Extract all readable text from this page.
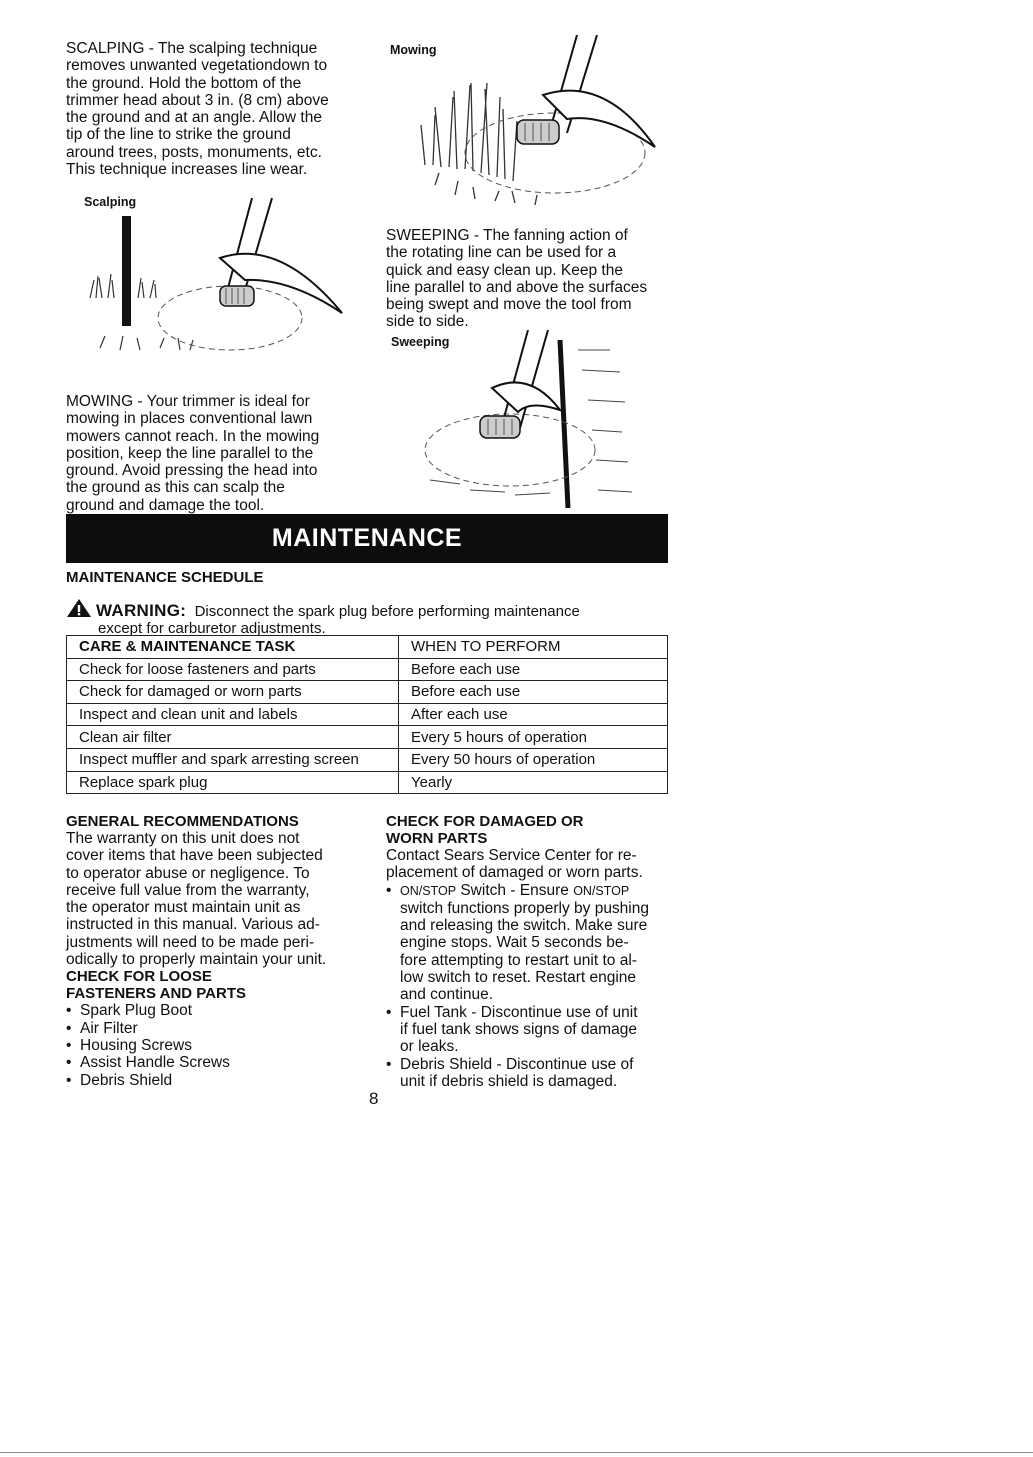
SCALPING - The scalping technique
removes unwanted vegetationdown to
the ground. Hold the bottom of the
trimmer head about 3 in. (8 cm) above
the ground and at an angle. Allow the
tip of the line to strike the ground
around trees, posts, monuments, etc.
This technique increases line wear.
Scalping
MOWING - Your trimmer is ideal for
mowing in places conventional lawn
mowers cannot reach. In the mowing
position, keep the line parallel to the
ground. Avoid pressing the head into
the ground as this can scalp the
ground and damage the tool.
Mowing
SWEEPING - The fanning action of
the rotating line can be used for a
quick and easy clean up. Keep the
line parallel to and above the surfaces
being swept and move the tool from
side to side.
Sweeping
MAINTENANCE
MAINTENANCE SCHEDULE
WARNING: Disconnect the spark plug before performing maintenance
except for carburetor adjustments.
CARE & MAINTENANCE TASK	WHEN TO PERFORM
Check for loose fasteners and parts	Before each use
Check for damaged or worn parts	Before each use
Inspect and clean unit and labels	After each use
Clean air filter	Every 5 hours of operation
Inspect muffler and spark arresting screen	Every 50 hours of operation
Replace spark plug	Yearly
GENERAL RECOMMENDATIONS
The warranty on this unit does not
cover items that have been subjected
to operator abuse or negligence. To
receive full value from the warranty,
the operator must maintain unit as
instructed in this manual. Various ad-
justments will need to be made peri-
odically to properly maintain your unit.
CHECK FOR LOOSE
FASTENERS AND PARTS
• Spark Plug Boot
• Air Filter
• Housing Screws
• Assist Handle Screws
• Debris Shield
CHECK FOR DAMAGED OR
WORN PARTS
Contact Sears Service Center for re-
placement of damaged or worn parts.
• ON/STOP Switch - Ensure ON/STOP
switch functions properly by pushing
and releasing the switch. Make sure
engine stops. Wait 5 seconds be-
fore attempting to restart unit to al-
low switch to reset. Restart engine
and continue.
• Fuel Tank - Discontinue use of unit
if fuel tank shows signs of damage
or leaks.
• Debris Shield - Discontinue use of
unit if debris shield is damaged.
8
